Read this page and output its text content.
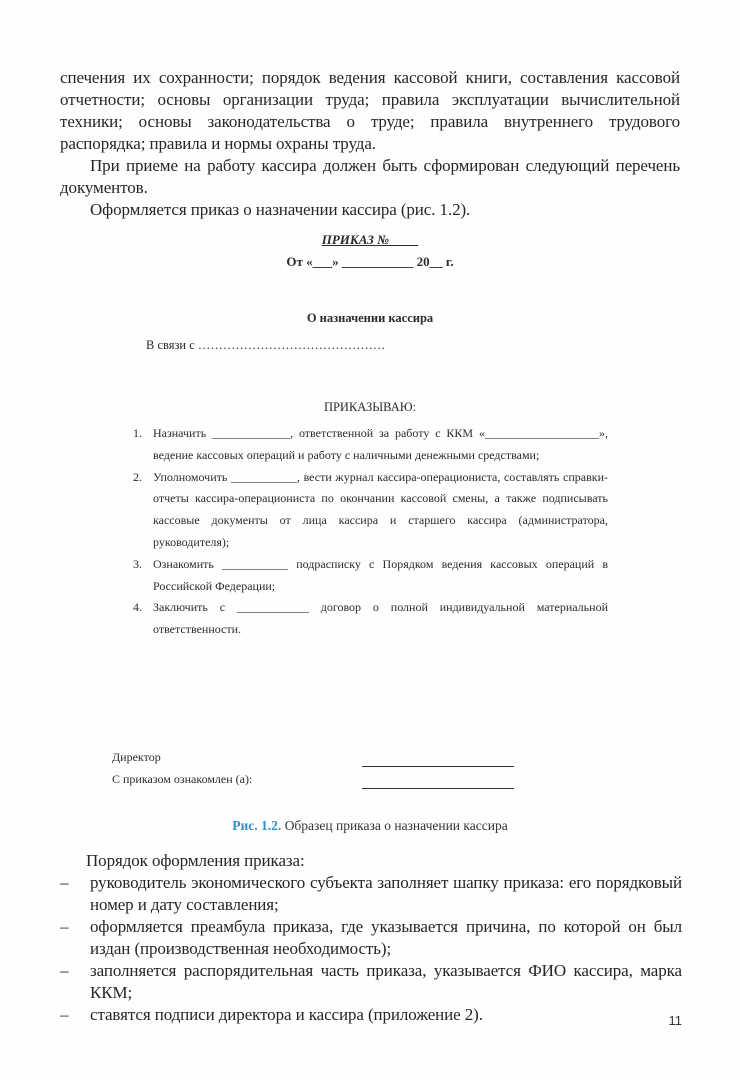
спечения их сохранности; порядок ведения кассовой книги, составления кассовой отчетности; основы организации труда; правила эксплуатации вычислительной техники; основы законодательства о труде; правила внутреннего трудового распорядка; правила и нормы охраны труда.

При приеме на работу кассира должен быть сформирован следующий перечень документов.

Оформляется приказ о назначении кассира (рис. 1.2).

ПРИКАЗ № ____
От «___» ___________ 20__ г.
О назначении кассира
В связи с ………………………………………
ПРИКАЗЫВАЮ:
1. Назначить _____________, ответственной за работу с ККМ «___________________», ведение кассовых операций и работу с наличными денежными средствами;
2. Уполномочить ___________, вести журнал кассира-операциониста, составлять справки-отчеты кассира-операциониста по окончании кассовой смены, а также подписывать кассовые документы от лица кассира и старшего кассира (администратора, руководителя);
3. Ознакомить ___________ подрасписку с Порядком ведения кассовых операций в Российской Федерации;
4. Заключить с ____________ договор о полной индивидуальной материальной ответственности.
Директор
С приказом ознакомлен (а):
Рис. 1.2. Образец приказа о назначении кассира

Порядок оформления приказа:

– руководитель экономического субъекта заполняет шапку приказа: его порядковый номер и дату составления;
– оформляется преамбула приказа, где указывается причина, по которой он был издан (производственная необходимость);
– заполняется распорядительная часть приказа, указывается ФИО кассира, марка ККМ;
– ставятся подписи директора и кассира (приложение 2).	11
